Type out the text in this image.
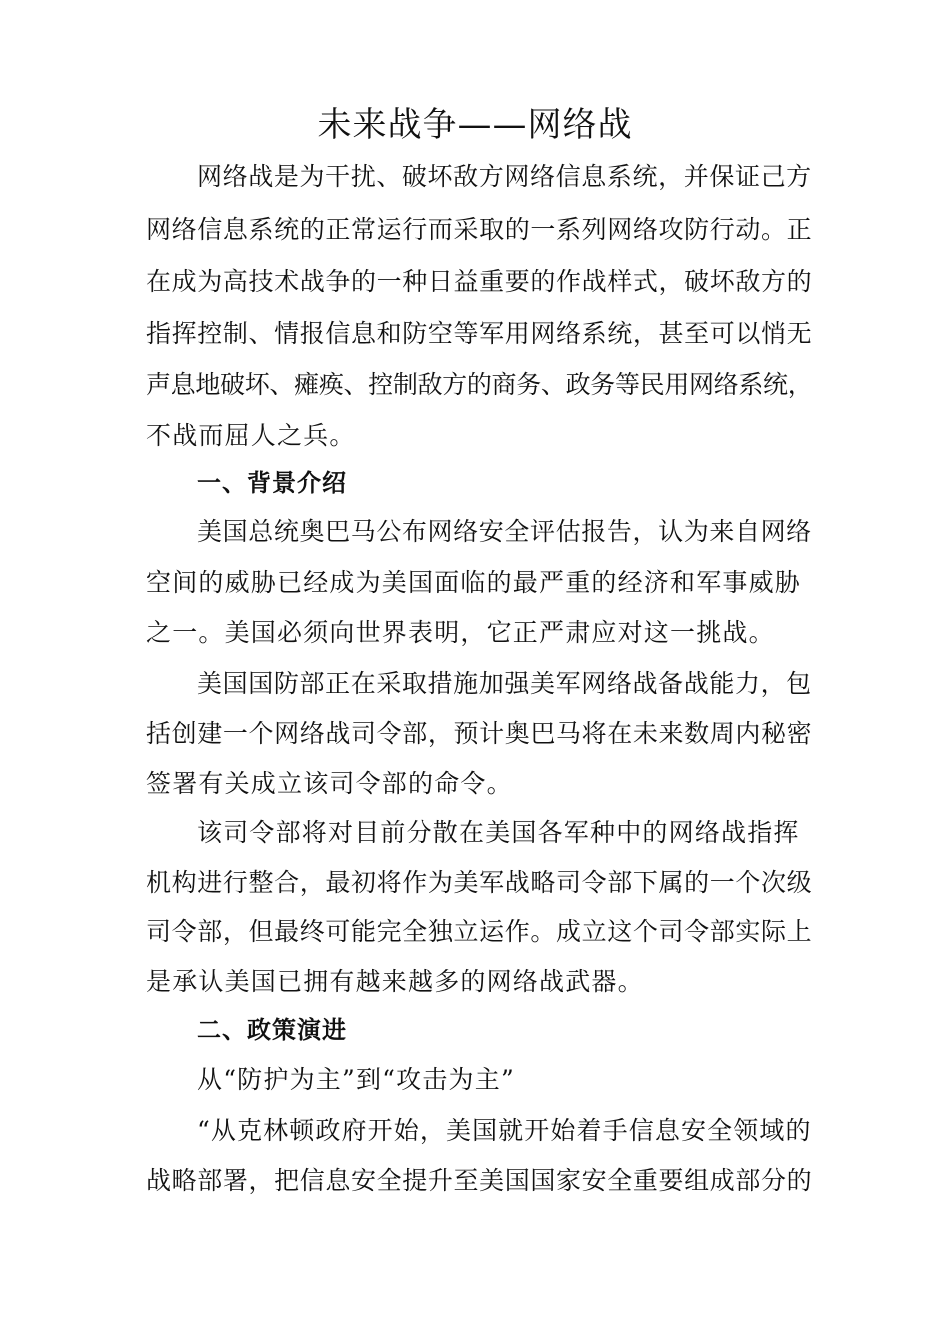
未来战争——网络战
网络战是为干扰、破坏敌方网络信息系统，并保证己方
网络信息系统的正常运行而采取的一系列网络攻防行动。正
在成为高技术战争的一种日益重要的作战样式，破坏敌方的
指挥控制、情报信息和防空等军用网络系统，甚至可以悄无
声息地破坏、瘫痪、控制敌方的商务、政务等民用网络系统，
不战而屈人之兵。
一、背景介绍
美国总统奥巴马公布网络安全评估报告，认为来自网络
空间的威胁已经成为美国面临的最严重的经济和军事威胁
之一。美国必须向世界表明，它正严肃应对这一挑战。
美国国防部正在采取措施加强美军网络战备战能力，包
括创建一个网络战司令部，预计奥巴马将在未来数周内秘密
签署有关成立该司令部的命令。
该司令部将对目前分散在美国各军种中的网络战指挥
机构进行整合，最初将作为美军战略司令部下属的一个次级
司令部，但最终可能完全独立运作。成立这个司令部实际上
是承认美国已拥有越来越多的网络战武器。
二、政策演进
从“防护为主”到“攻击为主”
“从克林顿政府开始，美国就开始着手信息安全领域的
战略部署，把信息安全提升至美国国家安全重要组成部分的
